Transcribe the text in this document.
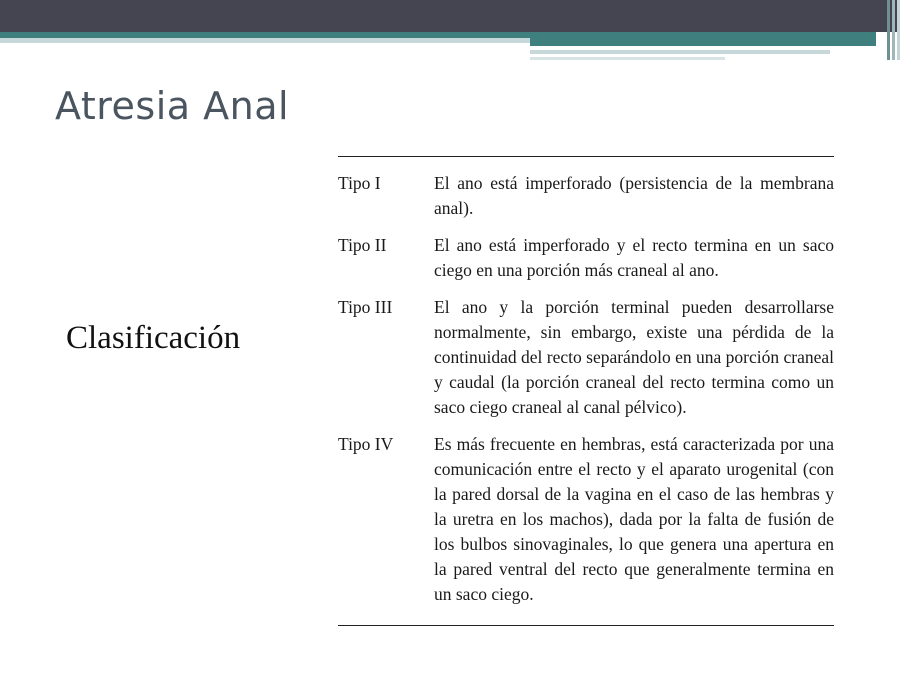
Atresia Anal
Clasificación
Tipo I	El ano está imperforado (persistencia de la membrana anal).
Tipo II	El ano está imperforado y el recto termina en un saco ciego en una porción más craneal al ano.
Tipo III	El ano y la porción terminal pueden desarrollarse normalmente, sin embargo, existe una pérdida de la continuidad del recto separándolo en una porción craneal y caudal (la porción craneal del recto termina como un saco ciego craneal al canal pélvico).
Tipo IV	Es más frecuente en hembras, está caracterizada por una comunicación entre el recto y el aparato urogenital (con la pared dorsal de la vagina en el caso de las hembras y la uretra en los machos), dada por la falta de fusión de los bulbos sinovaginales, lo que genera una apertura en la pared ventral del recto que generalmente termina en un saco ciego.
